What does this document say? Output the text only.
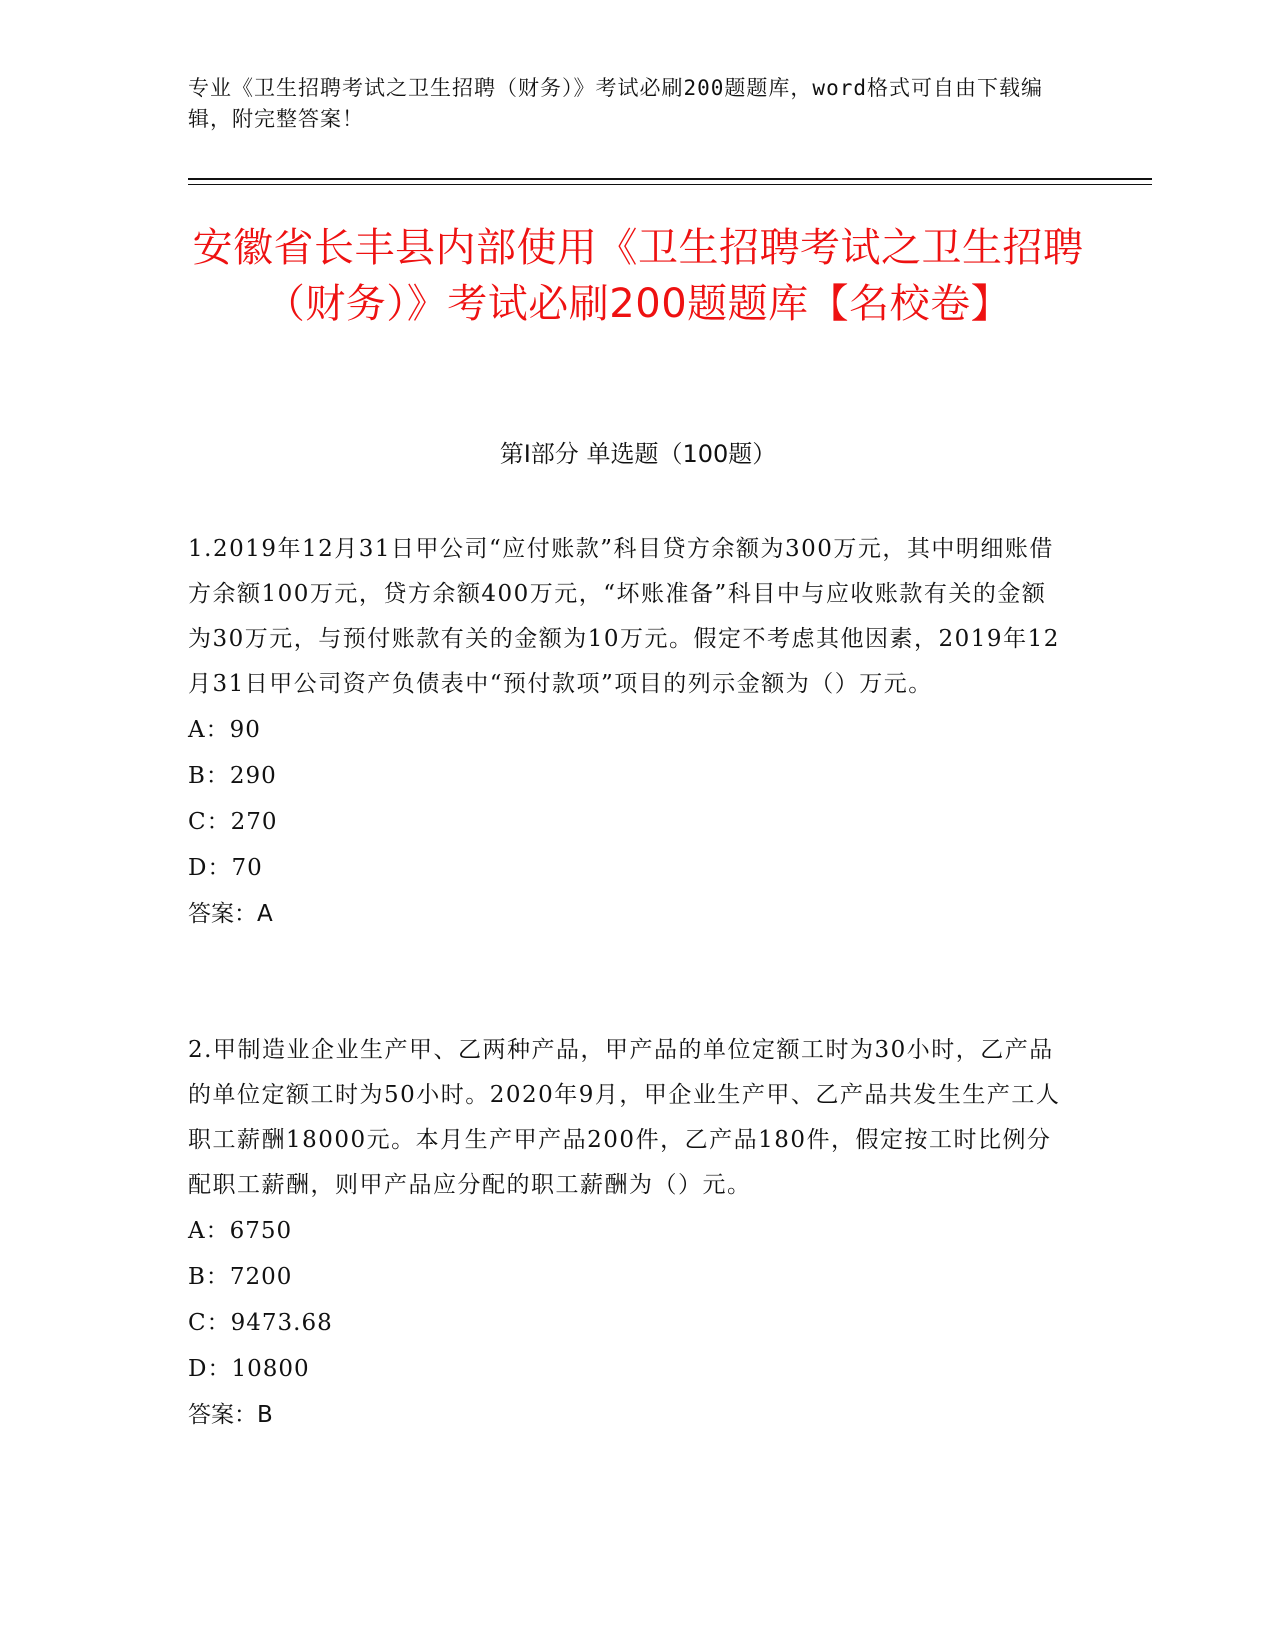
专业《卫生招聘考试之卫生招聘（财务）》考试必刷200题题库，word格式可自由下载编辑，附完整答案！
安徽省长丰县内部使用《卫生招聘考试之卫生招聘（财务）》考试必刷200题题库【名校卷】
第I部分 单选题（100题）

1.2019年12月31日甲公司“应付账款”科目贷方余额为300万元，其中明细账借方余额100万元，贷方余额400万元，“坏账准备”科目中与应收账款有关的金额为30万元，与预付账款有关的金额为10万元。假定不考虑其他因素，2019年12月31日甲公司资产负债表中“预付款项”项目的列示金额为（）万元。

A：90

B：290

C：270

D：70

答案：A

2.甲制造业企业生产甲、乙两种产品，甲产品的单位定额工时为30小时，乙产品的单位定额工时为50小时。2020年9月，甲企业生产甲、乙产品共发生生产工人职工薪酬18000元。本月生产甲产品200件，乙产品180件，假定按工时比例分配职工薪酬，则甲产品应分配的职工薪酬为（）元。

A：6750

B：7200

C：9473.68

D：10800

答案：B
